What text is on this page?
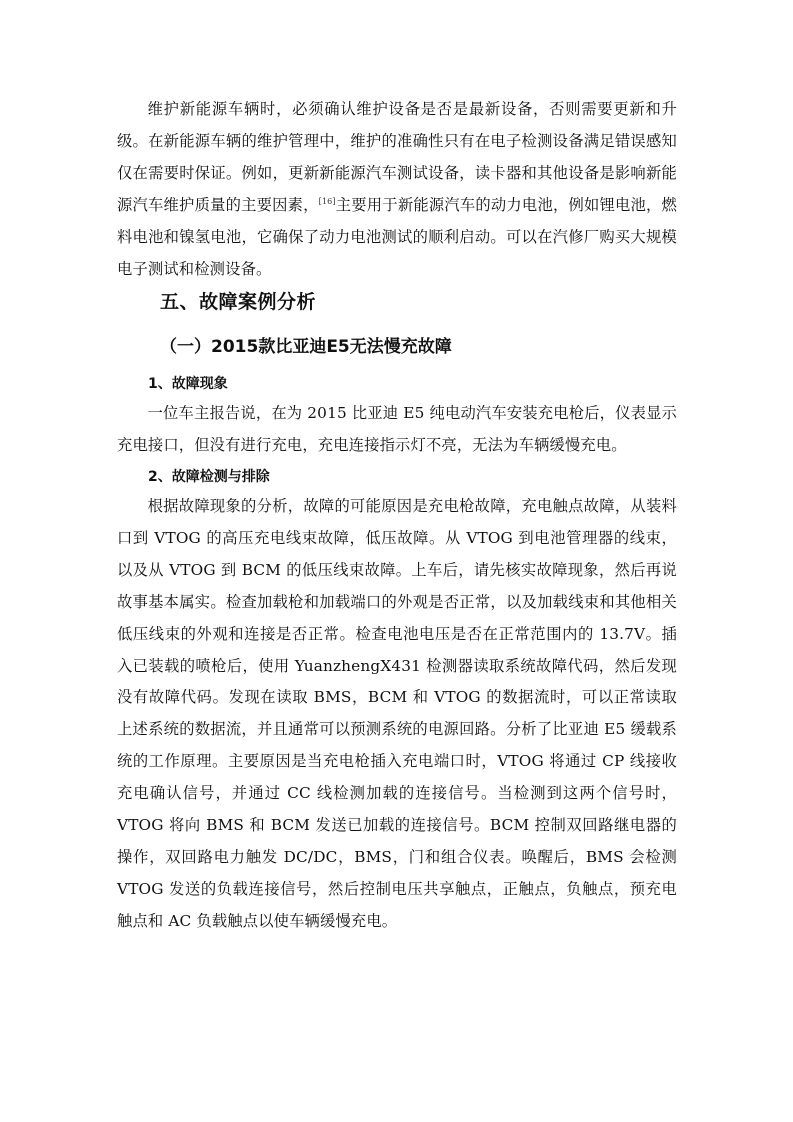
维护新能源车辆时，必须确认维护设备是否是最新设备，否则需要更新和升级。在新能源车辆的维护管理中，维护的准确性只有在电子检测设备满足错误感知仅在需要时保证。例如，更新新能源汽车测试设备，读卡器和其他设备是影响新能源汽车维护质量的主要因素，[16]主要用于新能源汽车的动力电池，例如锂电池，燃料电池和镍氢电池，它确保了动力电池测试的顺利启动。可以在汽修厂购买大规模电子测试和检测设备。

五、故障案例分析
（一）2015款比亚迪E5无法慢充故障
1、故障现象

一位车主报告说，在为 2015 比亚迪 E5 纯电动汽车安装充电枪后，仪表显示充电接口，但没有进行充电，充电连接指示灯不亮，无法为车辆缓慢充电。

2、故障检测与排除

根据故障现象的分析，故障的可能原因是充电枪故障，充电触点故障，从装料口到 VTOG 的高压充电线束故障，低压故障。从 VTOG 到电池管理器的线束，以及从 VTOG 到 BCM 的低压线束故障。上车后，请先核实故障现象，然后再说故事基本属实。检查加载枪和加载端口的外观是否正常，以及加载线束和其他相关低压线束的外观和连接是否正常。检查电池电压是否在正常范围内的 13.7V。插入已装载的喷枪后，使用 YuanzhengX431 检测器读取系统故障代码，然后发现没有故障代码。发现在读取 BMS，BCM 和 VTOG 的数据流时，可以正常读取上述系统的数据流，并且通常可以预测系统的电源回路。分析了比亚迪 E5 缓载系统的工作原理。主要原因是当充电枪插入充电端口时，VTOG 将通过 CP 线接收充电确认信号，并通过 CC 线检测加载的连接信号。当检测到这两个信号时，VTOG 将向 BMS 和 BCM 发送已加载的连接信号。BCM 控制双回路继电器的操作，双回路电力触发 DC/DC，BMS，门和组合仪表。唤醒后，BMS 会检测 VTOG 发送的负载连接信号，然后控制电压共享触点，正触点，负触点，预充电触点和 AC 负载触点以使车辆缓慢充电。
